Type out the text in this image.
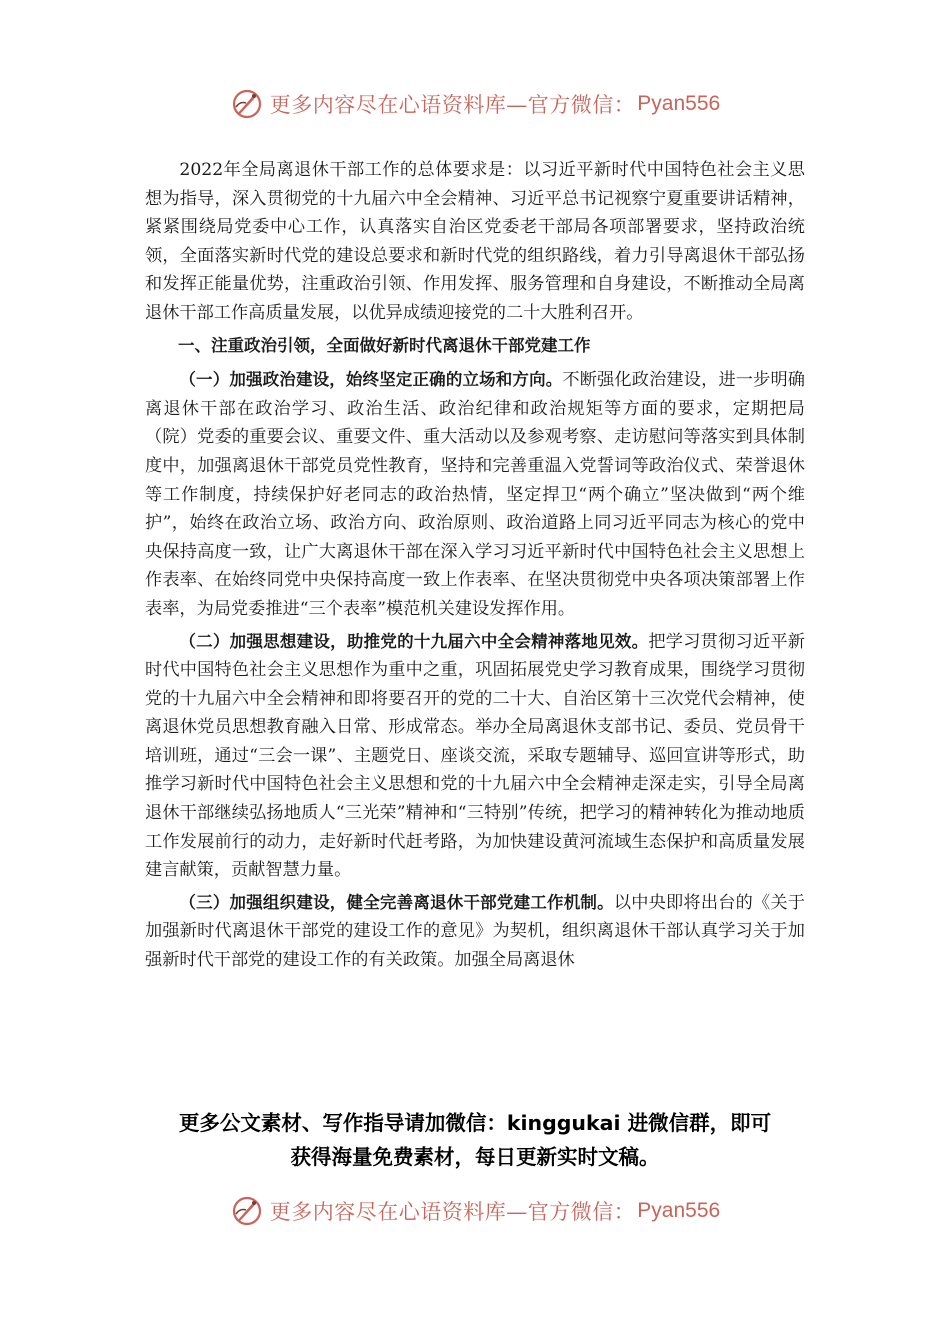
更多内容尽在心语资料库—官方微信： Pyan556

2022年全局离退休干部工作的总体要求是：以习近平新时代中国特色社会主义思想为指导，深入贯彻党的十九届六中全会精神、习近平总书记视察宁夏重要讲话精神，紧紧围绕局党委中心工作，认真落实自治区党委老干部局各项部署要求，坚持政治统领，全面落实新时代党的建设总要求和新时代党的组织路线，着力引导离退休干部弘扬和发挥正能量优势，注重政治引领、作用发挥、服务管理和自身建设，不断推动全局离退休干部工作高质量发展，以优异成绩迎接党的二十大胜利召开。

一、注重政治引领，全面做好新时代离退休干部党建工作

（一）加强政治建设，始终坚定正确的立场和方向。不断强化政治建设，进一步明确离退休干部在政治学习、政治生活、政治纪律和政治规矩等方面的要求，定期把局（院）党委的重要会议、重要文件、重大活动以及参观考察、走访慰问等落实到具体制度中，加强离退休干部党员党性教育，坚持和完善重温入党誓词等政治仪式、荣誉退休等工作制度，持续保护好老同志的政治热情，坚定捍卫“两个确立”坚决做到“两个维护”，始终在政治立场、政治方向、政治原则、政治道路上同习近平同志为核心的党中央保持高度一致，让广大离退休干部在深入学习习近平新时代中国特色社会主义思想上作表率、在始终同党中央保持高度一致上作表率、在坚决贯彻党中央各项决策部署上作表率，为局党委推进“三个表率”模范机关建设发挥作用。

（二）加强思想建设，助推党的十九届六中全会精神落地见效。把学习贯彻习近平新时代中国特色社会主义思想作为重中之重，巩固拓展党史学习教育成果，围绕学习贯彻党的十九届六中全会精神和即将要召开的党的二十大、自治区第十三次党代会精神，使离退休党员思想教育融入日常、形成常态。举办全局离退休支部书记、委员、党员骨干培训班，通过“三会一课”、主题党日、座谈交流，采取专题辅导、巡回宣讲等形式，助推学习新时代中国特色社会主义思想和党的十九届六中全会精神走深走实，引导全局离退休干部继续弘扬地质人“三光荣”精神和“三特别”传统，把学习的精神转化为推动地质工作发展前行的动力，走好新时代赶考路，为加快建设黄河流域生态保护和高质量发展建言献策，贡献智慧力量。

（三）加强组织建设，健全完善离退休干部党建工作机制。以中央即将出台的《关于加强新时代离退休干部党的建设工作的意见》为契机，组织离退休干部认真学习关于加强新时代干部党的建设工作的有关政策。加强全局离退休

更多公文素材、写作指导请加微信：kinggukai 进微信群，即可
获得海量免费素材，每日更新实时文稿。
更多内容尽在心语资料库—官方微信： Pyan556
